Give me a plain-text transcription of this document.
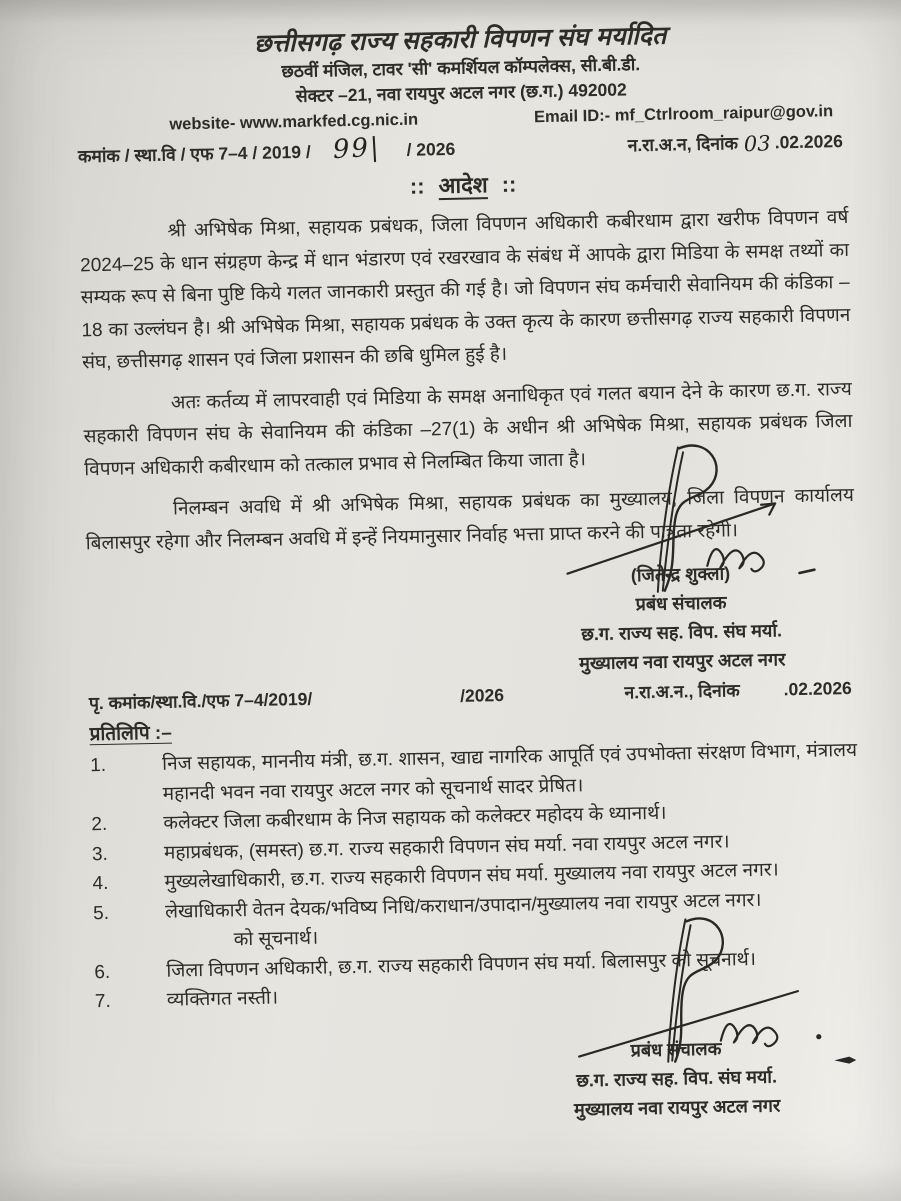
छत्तीसगढ़ राज्य सहकारी विपणन संघ मर्यादित
छठवीं मंजिल, टावर 'सी' कमर्शियल कॉम्पलेक्स, सी.बी.डी.
सेक्टर –21, नवा रायपुर अटल नगर (छ.ग.) 492002
website- www.markfed.cg.nic.in	Email ID:- mf_Ctrlroom_raipur@gov.in
कमांक / स्था.वि / एफ 7–4 / 2019 / 99| / 2026	न.रा.अ.न, दिनांक 03 .02.2026
:: आदेश ::

श्री अभिषेक मिश्रा, सहायक प्रबंधक, जिला विपणन अधिकारी कबीरधाम द्वारा खरीफ विपणन वर्ष 2024–25 के धान संग्रहण केन्द्र में धान भंडारण एवं रखरखाव के संबंध में आपके द्वारा मिडिया के समक्ष तथ्यों का सम्यक रूप से बिना पुष्टि किये गलत जानकारी प्रस्तुत की गई है। जो विपणन संघ कर्मचारी सेवानियम की कंडिका –18 का उल्लंघन है। श्री अभिषेक मिश्रा, सहायक प्रबंधक के उक्त कृत्य के कारण छत्तीसगढ़ राज्य सहकारी विपणन संघ, छत्तीसगढ़ शासन एवं जिला प्रशासन की छबि धुमिल हुई है।

अतः कर्तव्य में लापरवाही एवं मिडिया के समक्ष अनाधिकृत एवं गलत बयान देने के कारण छ.ग. राज्य सहकारी विपणन संघ के सेवानियम की कंडिका –27(1) के अधीन श्री अभिषेक मिश्रा, सहायक प्रबंधक जिला विपणन अधिकारी कबीरधाम को तत्काल प्रभाव से निलम्बित किया जाता है।

निलम्बन अवधि में श्री अभिषेक मिश्रा, सहायक प्रबंधक का मुख्यालय, जिला विपणन कार्यालय बिलासपुर रहेगा और निलम्बन अवधि में इन्हें नियमानुसार निर्वाह भत्ता प्राप्त करने की पात्रता रहेगी।

(जितेन्द्र शुक्ला)
प्रबंध संचालक
छ.ग. राज्य सह. विप. संघ मर्या.
मुख्यालय नवा रायपुर अटल नगर
पृ. कमांक/स्था.वि./एफ 7–4/2019/	/2026	न.रा.अ.न., दिनांक .02.2026
प्रतिलिपि :–
1.	निज सहायक, माननीय मंत्री, छ.ग. शासन, खाद्य नागरिक आपूर्ति एवं उपभोक्ता संरक्षण विभाग, मंत्रालय महानदी भवन नवा रायपुर अटल नगर को सूचनार्थ सादर प्रेषित।
2.	कलेक्टर जिला कबीरधाम के निज सहायक को कलेक्टर महोदय के ध्यानार्थ।
3.	महाप्रबंधक, (समस्त) छ.ग. राज्य सहकारी विपणन संघ मर्या. नवा रायपुर अटल नगर।
4.	मुख्यलेखाधिकारी, छ.ग. राज्य सहकारी विपणन संघ मर्या. मुख्यालय नवा रायपुर अटल नगर।
5.	लेखाधिकारी वेतन देयक/भविष्य निधि/कराधान/उपादान/मुख्यालय नवा रायपुर अटल नगर।
को सूचनार्थ।
6.	जिला विपणन अधिकारी, छ.ग. राज्य सहकारी विपणन संघ मर्या. बिलासपुर को सूचनार्थ।
7.	व्यक्तिगत नस्ती।
प्रबंध संचालक
छ.ग. राज्य सह. विप. संघ मर्या.
मुख्यालय नवा रायपुर अटल नगर
